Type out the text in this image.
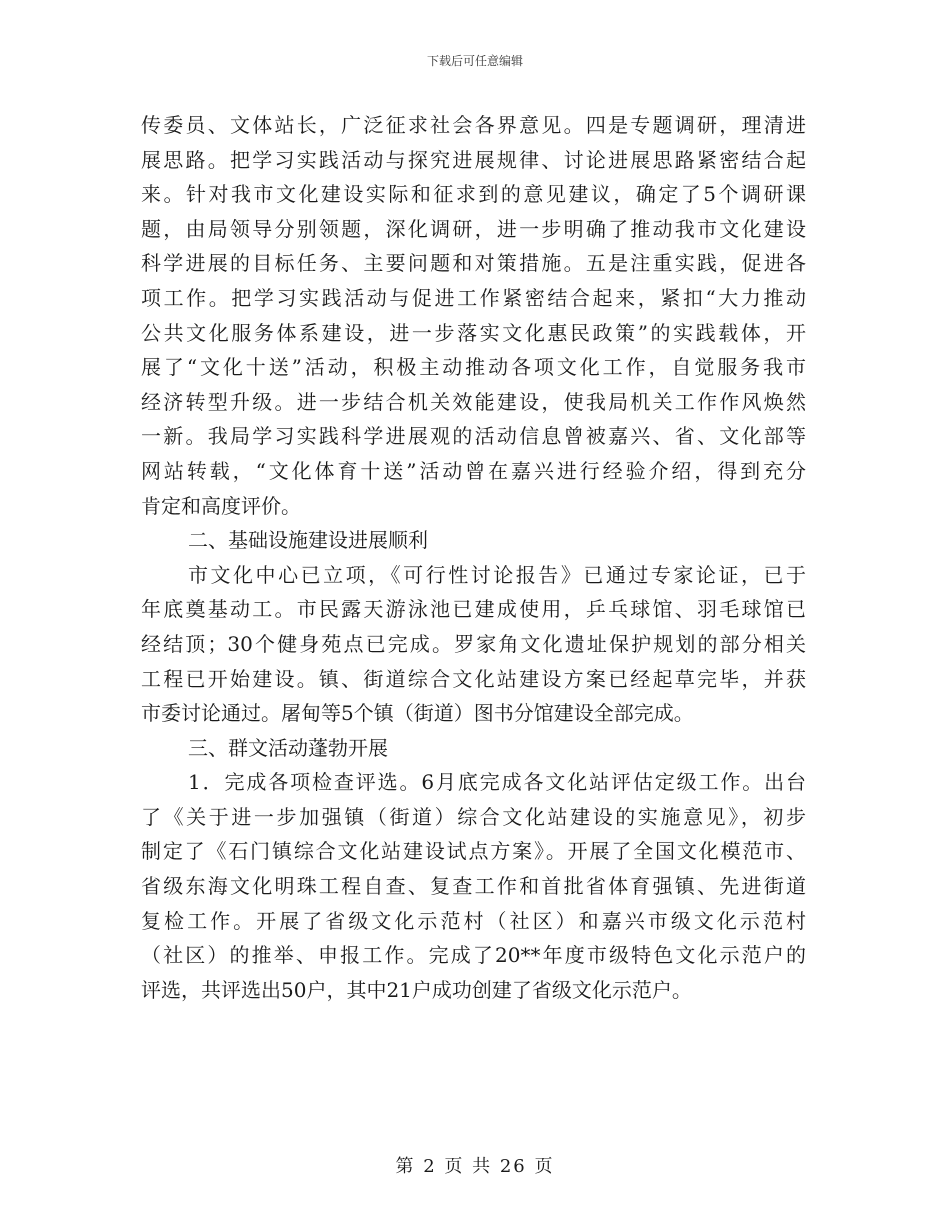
下载后可任意编辑
传委员、文体站长，广泛征求社会各界意见。四是专题调研，理清进
展思路。把学习实践活动与探究进展规律、讨论进展思路紧密结合起
来。针对我市文化建设实际和征求到的意见建议，确定了5个调研课
题，由局领导分别领题，深化调研，进一步明确了推动我市文化建设
科学进展的目标任务、主要问题和对策措施。五是注重实践，促进各
项工作。把学习实践活动与促进工作紧密结合起来，紧扣“大力推动
公共文化服务体系建设，进一步落实文化惠民政策”的实践载体，开
展了“文化十送”活动，积极主动推动各项文化工作，自觉服务我市
经济转型升级。进一步结合机关效能建设，使我局机关工作作风焕然
一新。我局学习实践科学进展观的活动信息曾被嘉兴、省、文化部等
网站转载，“文化体育十送”活动曾在嘉兴进行经验介绍，得到充分
肯定和高度评价。
二、基础设施建设进展顺利
市文化中心已立项，《可行性讨论报告》已通过专家论证，已于
年底奠基动工。市民露天游泳池已建成使用，乒乓球馆、羽毛球馆已
经结顶；30个健身苑点已完成。罗家角文化遗址保护规划的部分相关
工程已开始建设。镇、街道综合文化站建设方案已经起草完毕，并获
市委讨论通过。屠甸等5个镇（街道）图书分馆建设全部完成。
三、群文活动蓬勃开展
1．完成各项检查评选。6月底完成各文化站评估定级工作。出台
了《关于进一步加强镇（街道）综合文化站建设的实施意见》，初步
制定了《石门镇综合文化站建设试点方案》。开展了全国文化模范市、
省级东海文化明珠工程自查、复查工作和首批省体育强镇、先进街道
复检工作。开展了省级文化示范村（社区）和嘉兴市级文化示范村
（社区）的推举、申报工作。完成了20**年度市级特色文化示范户的
评选，共评选出50户，其中21户成功创建了省级文化示范户。
第 2 页 共 26 页
